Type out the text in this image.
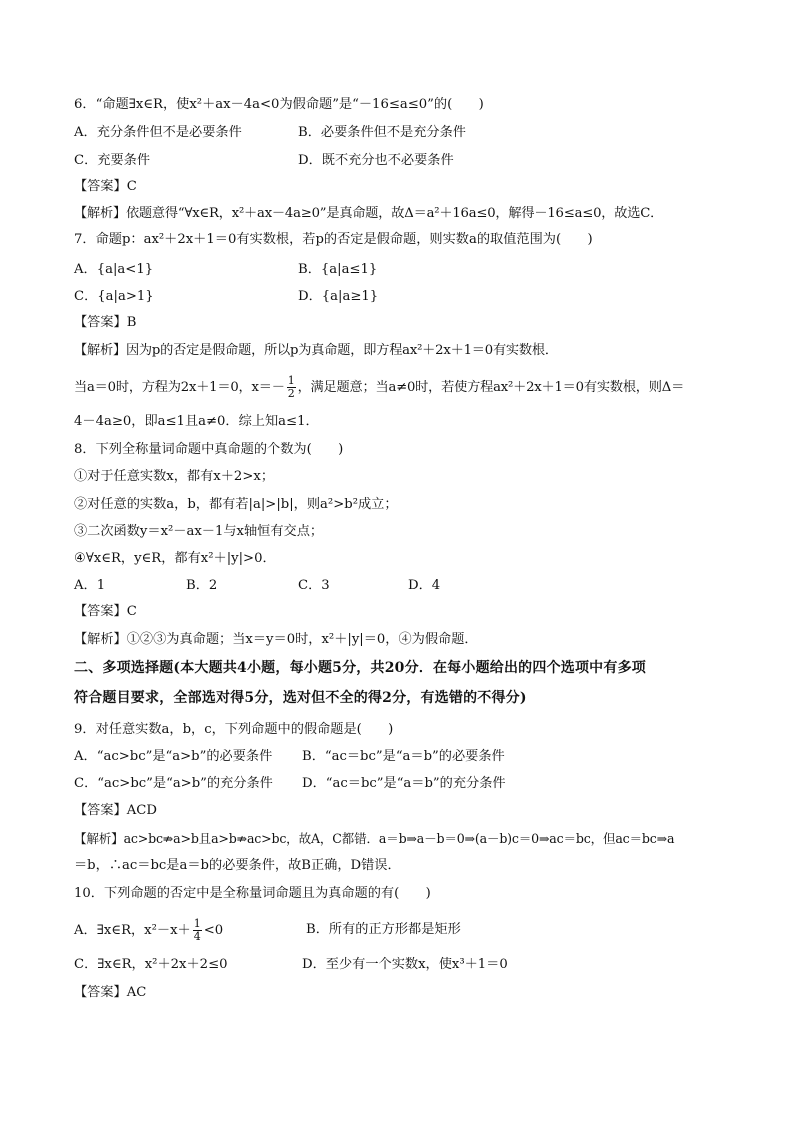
6．“命题∃x∈R，使x²＋ax－4a<0为假命题”是“－16≤a≤0”的(　　)
A．充分条件但不是必要条件	B．必要条件但不是充分条件
C．充要条件	D．既不充分也不必要条件
【答案】C
【解析】依题意得“∀x∈R，x²＋ax－4a≥0”是真命题，故Δ＝a²＋16a≤0，解得－16≤a≤0，故选C．
7．命题p：ax²＋2x＋1＝0有实数根，若p的否定是假命题，则实数a的取值范围为(　　)
A．{a|a<1}	B．{a|a≤1}
C．{a|a>1}	D．{a|a≥1}
【答案】B
【解析】因为p的否定是假命题，所以p为真命题，即方程ax²＋2x＋1＝0有实数根．
当a＝0时，方程为2x＋1＝0，$x=- \frac{1}{2}$ ，满足题意；当a≠0时，若使方程ax²＋2x＋1＝0有实数根，则Δ＝
4－4a≥0，即a≤1且a≠0．综上知a≤1．
8．下列全称量词命题中真命题的个数为(　　)
①对于任意实数x，都有x＋2>x；
②对任意的实数a，b，都有若|a|>|b|，则a²>b²成立；
③二次函数y＝x²－ax－1与x轴恒有交点；
④∀x∈R，y∈R，都有x²＋|y|>0．
A．1	B．2	C．3	D．4
【答案】C
【解析】①②③为真命题；当x＝y＝0时，x²＋|y|＝0，④为假命题．
二、多项选择题(本大题共4小题，每小题5分，共20分．在每小题给出的四个选项中有多项
符合题目要求，全部选对得5分，选对但不全的得2分，有选错的不得分)
9．对任意实数a，b，c，下列命题中的假命题是(　　)
A．“ac>bc”是“a>b”的必要条件 B．“ac＝bc”是“a＝b”的必要条件
C．“ac>bc”是“a>b”的充分条件 D．“ac＝bc”是“a＝b”的充分条件
【答案】ACD
【解析】ac>bc⇏a>b且a>b⇏ac>bc，故A，C都错．a＝b⇒a－b＝0⇒(a－b)c＝0⇒ac＝bc，但ac＝bc⇒a
＝b，∴ac＝bc是a＝b的必要条件，故B正确，D错误．
10．下列命题的否定中是全称量词命题且为真命题的有(　　)
A．∃x∈R，$x^2-x+ \frac{1}{4} <0$	B．所有的正方形都是矩形
C．∃x∈R，x²＋2x＋2≤0	D．至少有一个实数x，使x³＋1＝0
【答案】AC
